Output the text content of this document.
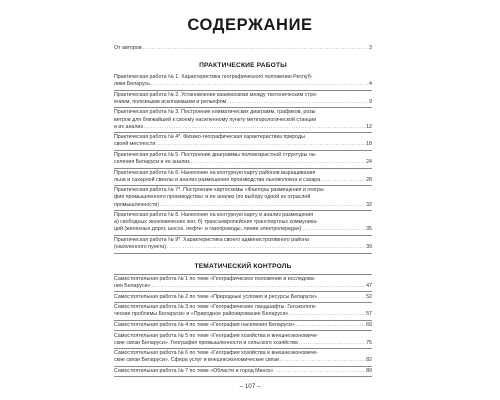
СОДЕРЖАНИЕ
От авторов .....	3
ПРАКТИЧЕСКИЕ РАБОТЫ
Практическая работа № 1. Характеристика географического положения Респуб-
лики Беларусь .....	4
Практическая работа № 2. Установление взаимосвязи между тектоническим стро-
ением, полезными ископаемыми и рельефом .....	9
Практическая работа № 3. Построение климатических диаграмм, графиков, розы
ветров для ближайшей к своему населенному пункту метеорологической станции
и их анализ .....	12
Практическая работа № 4*. Физико-географическая характеристика природы
своей местности .....	18
Практическая работа № 5. Построение диаграммы половозрастной структуры на-
селения Беларуси и ее анализ .....	24
Практическая работа № 6. Нанесение на контурную карту районов выращивания
льна и сахарной свеклы и анализ размещения производства льноволокна и сахара .....	28
Практическая работа № 7*. Построение картосхемы «Факторы размещения и геогра-
фия промышленного производства» и ее анализ (по выбору одной из отраслей
промышленности) .....	32
Практическая работа № 8. Нанесение на контурную карту и анализ размещения
а) свободных экономических зон; б) трансъевропейских транспортных коммуника-
ций (железных дорог, шоссе, нефте- и газопроводы, линии электропередач) .....	35
Практическая работа № 9*. Характеристика своего административного района
(населенного пункта) .....	39
ТЕМАТИЧЕСКИЙ КОНТРОЛЬ
Самостоятельная работа № 1 по теме «Географическое положение и исследова-
ния Беларуси» .....	47
Самостоятельная работа № 2 по теме «Природные условия и ресурсы Беларуси» .....	52
Самостоятельная работа № 3 по теме «Географические ландшафты. Геоэкологи-
ческие проблемы Беларуси» и «Природное районирование Беларуси» .....	57
Самостоятельная работа № 4 по теме «География населения Беларуси» .....	69
Самостоятельная работа № 5 по теме «География хозяйства и внешнеэкономиче-
ские связи Беларуси». География промышленности и сельского хозяйства .....	75
Самостоятельная работа № 6 по теме «География хозяйства и внешнеэкономиче-
ские связи Беларуси». Сфера услуг и внешнеэкономические связи .....	82
Самостоятельная работа № 7 по теме «Области и город Минск» .....	89
– 107 –
